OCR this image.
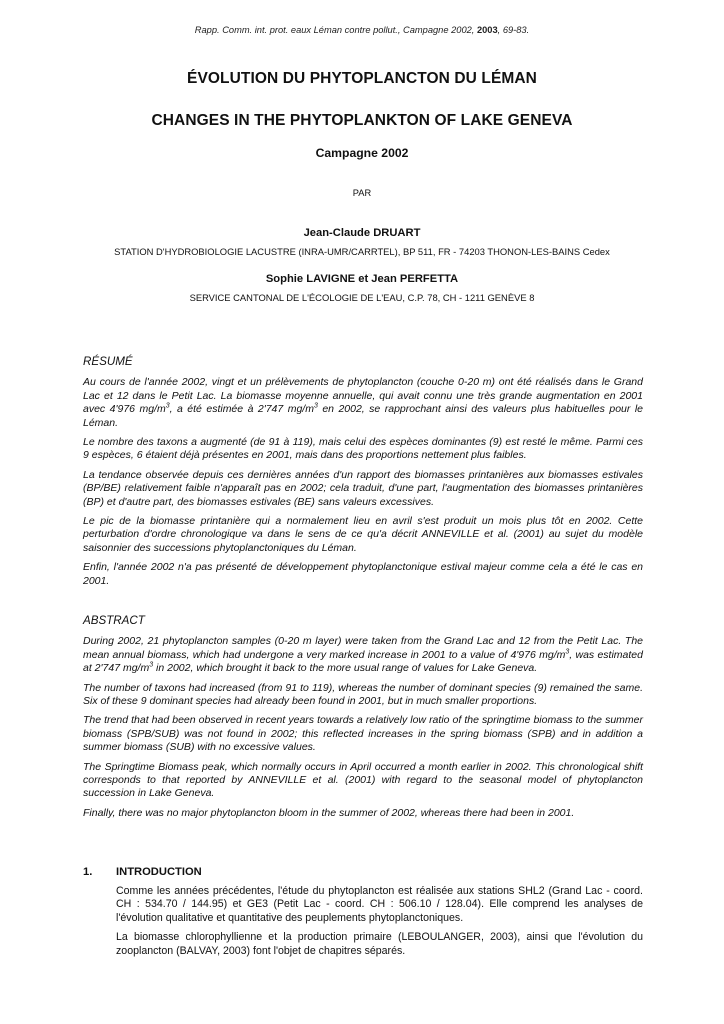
Rapp. Comm. int. prot. eaux Léman contre pollut., Campagne 2002, 2003, 69-83.
ÉVOLUTION DU PHYTOPLANCTON DU LÉMAN
CHANGES IN THE PHYTOPLANKTON OF LAKE GENEVA
Campagne 2002
PAR
Jean-Claude DRUART
STATION D'HYDROBIOLOGIE LACUSTRE (INRA-UMR/CARRTEL), BP 511, FR - 74203 THONON-LES-BAINS Cedex
Sophie LAVIGNE et Jean PERFETTA
SERVICE CANTONAL DE L'ÉCOLOGIE DE L'EAU, C.P. 78, CH - 1211 GENÈVE 8
RÉSUMÉ

Au cours de l'année 2002, vingt et un prélèvements de phytoplancton (couche 0-20 m) ont été réalisés dans le Grand Lac et 12 dans le Petit Lac. La biomasse moyenne annuelle, qui avait connu une très grande augmentation en 2001 avec 4'976 $mg/m^3$, a été estimée à 2'747 $mg/m^3$ en 2002, se rapprochant ainsi des valeurs plus habituelles pour le Léman.

Le nombre des taxons a augmenté (de 91 à 119), mais celui des espèces dominantes (9) est resté le même. Parmi ces 9 espèces, 6 étaient déjà présentes en 2001, mais dans des proportions nettement plus faibles.

La tendance observée depuis ces dernières années d'un rapport des biomasses printanières aux biomasses estivales (BP/BE) relativement faible n'apparaît pas en 2002; cela traduit, d'une part, l'augmentation des biomasses printanières (BP) et d'autre part, des biomasses estivales (BE) sans valeurs excessives.

Le pic de la biomasse printanière qui a normalement lieu en avril s'est produit un mois plus tôt en 2002. Cette perturbation d'ordre chronologique va dans le sens de ce qu'a décrit ANNEVILLE et al. (2001) au sujet du modèle saisonnier des successions phytoplanctoniques du Léman.

Enfin, l'année 2002 n'a pas présenté de développement phytoplanctonique estival majeur comme cela a été le cas en 2001.

ABSTRACT

During 2002, 21 phytoplancton samples (0-20 m layer) were taken from the Grand Lac and 12 from the Petit Lac. The mean annual biomass, which had undergone a very marked increase in 2001 to a value of 4'976 $mg/m^3$, was estimated at 2'747 $mg/m^3$ in 2002, which brought it back to the more usual range of values for Lake Geneva.

The number of taxons had increased (from 91 to 119), whereas the number of dominant species (9) remained the same. Six of these 9 dominant species had already been found in 2001, but in much smaller proportions.

The trend that had been observed in recent years towards a relatively low ratio of the springtime biomass to the summer biomass (SPB/SUB) was not found in 2002; this reflected increases in the spring biomass (SPB) and in addition a summer biomass (SUB) with no excessive values.

The Springtime Biomass peak, which normally occurs in April occurred a month earlier in 2002. This chronological shift corresponds to that reported by ANNEVILLE et al. (2001) with regard to the seasonal model of phytoplancton succession in Lake Geneva.

Finally, there was no major phytoplancton bloom in the summer of 2002, whereas there had been in 2001.

1. INTRODUCTION

Comme les années précédentes, l'étude du phytoplancton est réalisée aux stations SHL2 (Grand Lac - coord. CH : 534.70 / 144.95) et GE3 (Petit Lac - coord. CH : 506.10 / 128.04). Elle comprend les analyses de l'évolution qualitative et quantitative des peuplements phytoplanctoniques.

La biomasse chlorophyllienne et la production primaire (LEBOULANGER, 2003), ainsi que l'évolution du zooplancton (BALVAY, 2003) font l'objet de chapitres séparés.
